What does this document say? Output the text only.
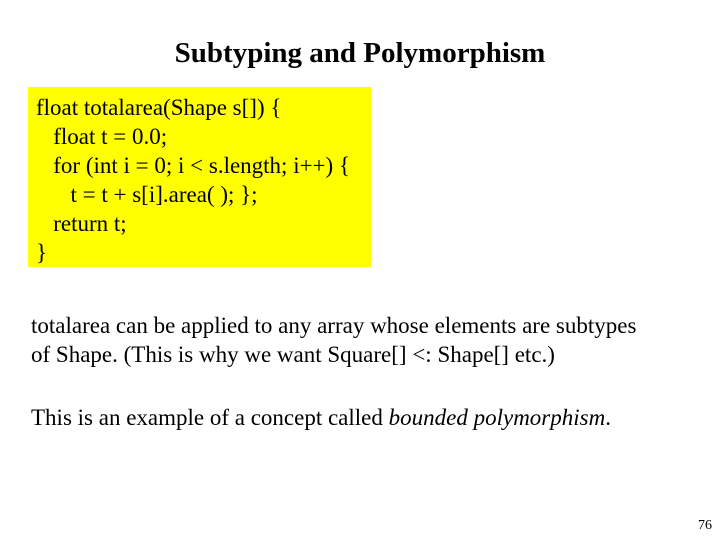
Subtyping and Polymorphism
float totalarea(Shape s[]) {
float t = 0.0;
for (int i = 0; i < s.length; i++) {
t = t + s[i].area( ); };
return t;
}
totalarea can be applied to any array whose elements are subtypes
of Shape. (This is why we want Square[] <: Shape[] etc.)
This is an example of a concept called bounded polymorphism.
76
